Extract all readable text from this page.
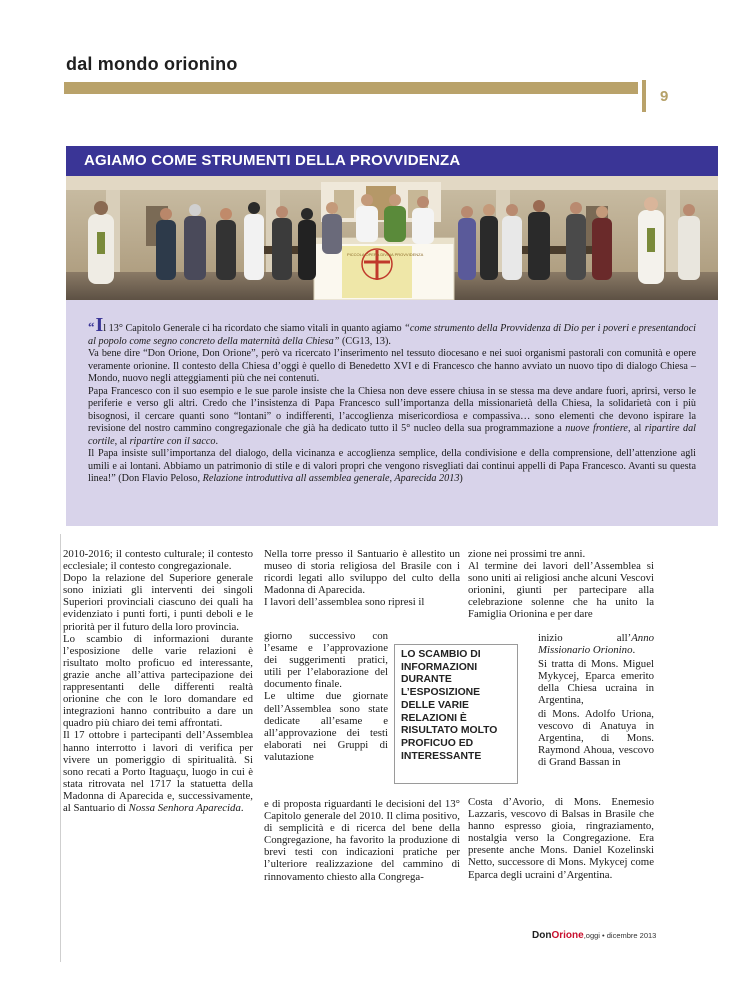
dal mondo orionino
9
AGIAMO COME STRUMENTI DELLA PROVVIDENZA
PICCOLA OPERA DIVINA PROVVIDENZA

“Il 13° Capitolo Generale ci ha ricordato che siamo vitali in quanto agiamo “come strumento della Provvidenza di Dio per i poveri e presentandoci al popolo come segno concreto della maternità della Chiesa” (CG13, 13).

Va bene dire “Don Orione, Don Orione”, però va ricercato l’inserimento nel tessuto diocesano e nei suoi organismi pastorali con comunità e opere veramente orionine. Il contesto della Chiesa d’oggi è quello di Benedetto XVI e di Francesco che hanno avviato un nuovo tipo di dialogo Chiesa – Mondo, nuovo negli atteggiamenti più che nei contenuti.

Papa Francesco con il suo esempio e le sue parole insiste che la Chiesa non deve essere chiusa in se stessa ma deve andare fuori, aprirsi, verso le periferie e verso gli altri. Credo che l’insistenza di Papa Francesco sull’importanza della missionarietà della Chiesa, la solidarietà con i più bisognosi, il cercare quanti sono “lontani” o indifferenti, l’accoglienza misericordiosa e compassiva… sono elementi che devono ispirare la revisione del nostro cammino congregazionale che già ha dedicato tutto il 5° nucleo della sua programmazione a nuove frontiere, al ripartire dal cortile, al ripartire con il sacco.

Il Papa insiste sull’importanza del dialogo, della vicinanza e accoglienza semplice, della condivisione e della comprensione, dell’attenzione agli umili e ai lontani. Abbiamo un patrimonio di stile e di valori propri che vengono risvegliati dai continui appelli di Papa Francesco. Avanti su questa linea!” (Don Flavio Peloso, Relazione introduttiva all assemblea generale, Aparecida 2013)

2010-2016; il contesto culturale; il contesto ecclesiale; il contesto congregazionale.

Dopo la relazione del Superiore generale sono iniziati gli interventi dei singoli Superiori provinciali ciascuno dei quali ha evidenziato i punti forti, i punti deboli e le priorità per il futuro della loro provincia.

Lo scambio di informazioni durante l’esposizione delle varie relazioni è risultato molto proficuo ed interessante, grazie anche all’attiva partecipazione dei rappresentanti delle differenti realtà orionine che con le loro domandare ed integrazioni hanno contribuito a dare un quadro più chiaro dei temi affrontati.

Il 17 ottobre i partecipanti dell’Assemblea hanno interrotto i lavori di verifica per vivere un pomeriggio di spiritualità. Si sono recati a Porto Itaguaçu, luogo in cui è stata ritrovata nel 1717 la statuetta della Madonna di Aparecida e, successivamente, al Santuario di Nossa Senhora Aparecida.

Nella torre presso il Santuario è allestito un museo di storia religiosa del Brasile con i ricordi legati allo sviluppo del culto della Madonna di Aparecida.

I lavori dell’assemblea sono ripresi il

giorno successivo con l’esame e l’approvazione dei suggerimenti pratici, utili per l’elaborazione del documento finale.

Le ultime due giornate dell’Assemblea sono state dedicate all’esame e all’approvazione dei testi elaborati nei Gruppi di valutazione

e di proposta riguardanti le decisioni del 13° Capitolo generale del 2010. Il clima positivo, di semplicità e di ricerca del bene della Congregazione, ha favorito la produzione di brevi testi con indicazioni pratiche per l’ulteriore realizzazione del cammino di rinnovamento chiesto alla Congrega-

LO SCAMBIO DI INFORMAZIONI DURANTE L’ESPOSIZIONE DELLE VARIE RELAZIONI È RISULTATO MOLTO PROFICUO ED INTERESSANTE

zione nei prossimi tre anni.

Al termine dei lavori dell’Assemblea si sono uniti ai religiosi anche alcuni Vescovi orionini, giunti per partecipare alla celebrazione solenne che ha unito la Famiglia Orionina e per dare

inizio all’Anno Missionario Orionino.

Si tratta di Mons. Miguel Mykycej, Eparca emerito della Chiesa ucraina in Argentina,

di Mons. Adolfo Uriona, vescovo di Anatuya in Argentina, di Mons. Raymond Ahoua, vescovo di Grand Bassan in

Costa d’Avorio, di Mons. Enemesio Lazzaris, vescovo di Balsas in Brasile che hanno espresso gioia, ringraziamento, nostalgia verso la Congregazione. Era presente anche Mons. Daniel Kozelinski Netto, successore di Mons. Mykycej come Eparca degli ucraini d’Argentina.

DonOrione,oggi • dicembre 2013
